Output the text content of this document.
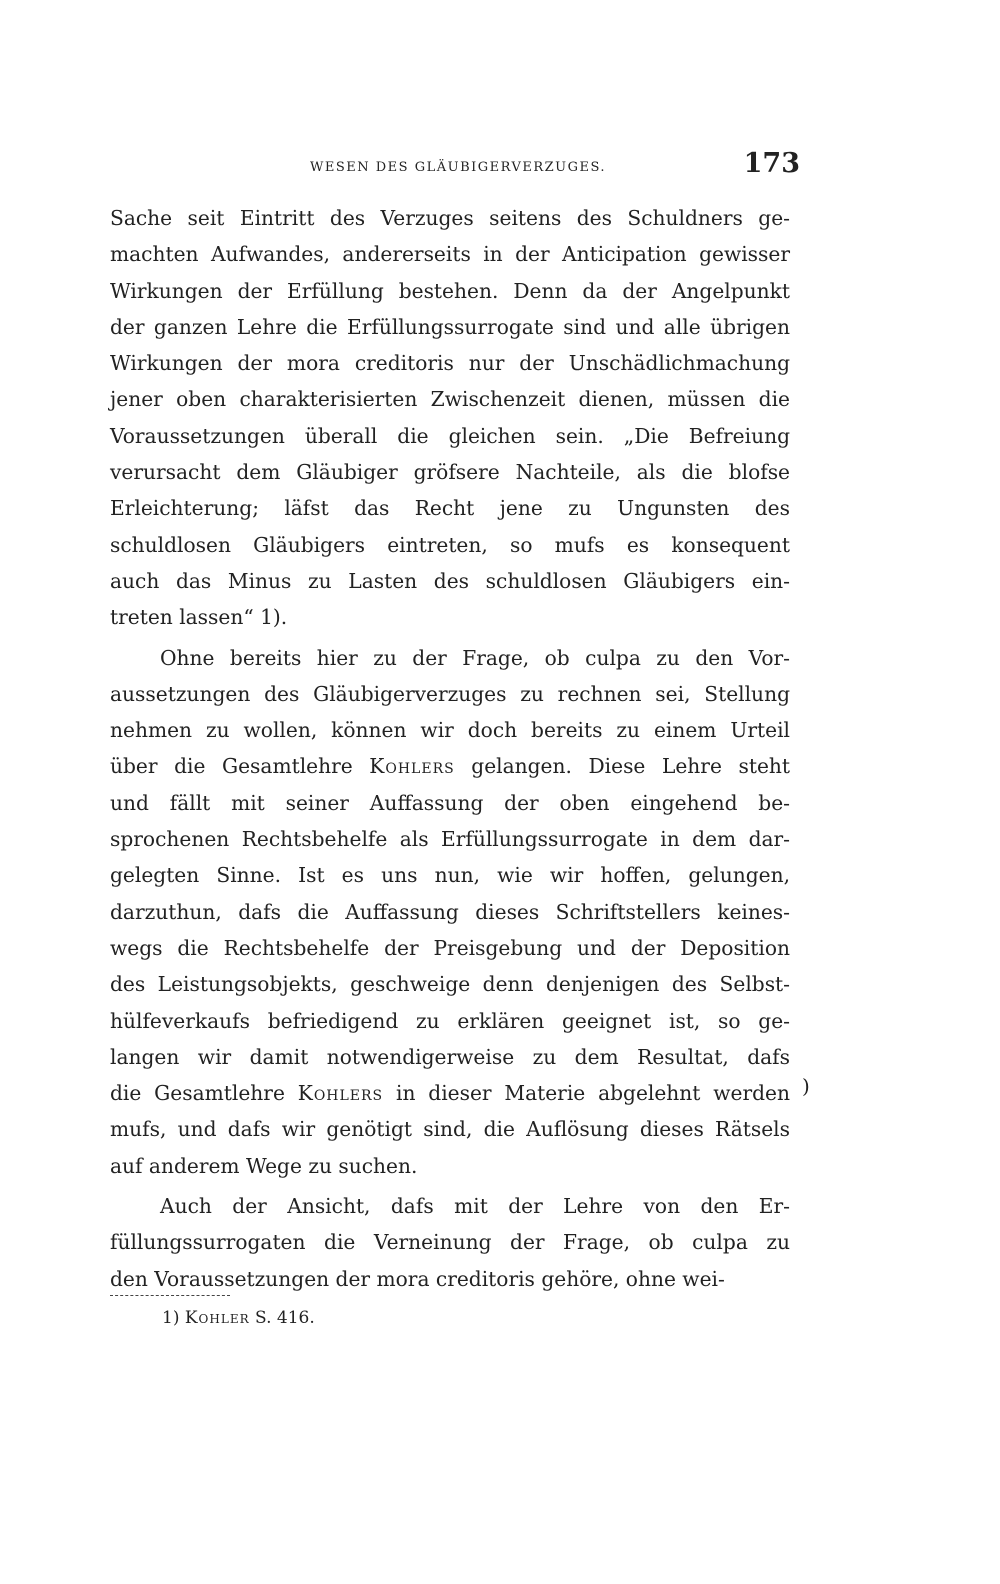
WESEN DES GLÄUBIGERVERZUGES.	173
Sache seit Eintritt des Verzuges seitens des Schuldners ge-
machten Aufwandes, andererseits in der Anticipation gewisser
Wirkungen der Erfüllung bestehen. Denn da der Angelpunkt
der ganzen Lehre die Erfüllungssurrogate sind und alle übrigen
Wirkungen der mora creditoris nur der Unschädlichmachung
jener oben charakterisierten Zwischenzeit dienen, müssen die
Voraussetzungen überall die gleichen sein. „Die Befreiung
verursacht dem Gläubiger gröfsere Nachteile, als die blofse
Erleichterung; läfst das Recht jene zu Ungunsten des
schuldlosen Gläubigers eintreten, so mufs es konsequent
auch das Minus zu Lasten des schuldlosen Gläubigers ein-
treten lassen“ 1).
Ohne bereits hier zu der Frage, ob culpa zu den Vor-
aussetzungen des Gläubigerverzuges zu rechnen sei, Stellung
nehmen zu wollen, können wir doch bereits zu einem Urteil
über die Gesamtlehre Kohlers gelangen. Diese Lehre steht
und fällt mit seiner Auffassung der oben eingehend be-
sprochenen Rechtsbehelfe als Erfüllungssurrogate in dem dar-
gelegten Sinne. Ist es uns nun, wie wir hoffen, gelungen,
darzuthun, dafs die Auffassung dieses Schriftstellers keines-
wegs die Rechtsbehelfe der Preisgebung und der Deposition
des Leistungsobjekts, geschweige denn denjenigen des Selbst-
hülfeverkaufs befriedigend zu erklären geeignet ist, so ge-
langen wir damit notwendigerweise zu dem Resultat, dafs
die Gesamtlehre Kohlers in dieser Materie abgelehnt werden
mufs, und dafs wir genötigt sind, die Auflösung dieses Rätsels
auf anderem Wege zu suchen.
Auch der Ansicht, dafs mit der Lehre von den Er-
füllungssurrogaten die Verneinung der Frage, ob culpa zu
den Voraussetzungen der mora creditoris gehöre, ohne wei-
)
1) Kohler S. 416.
